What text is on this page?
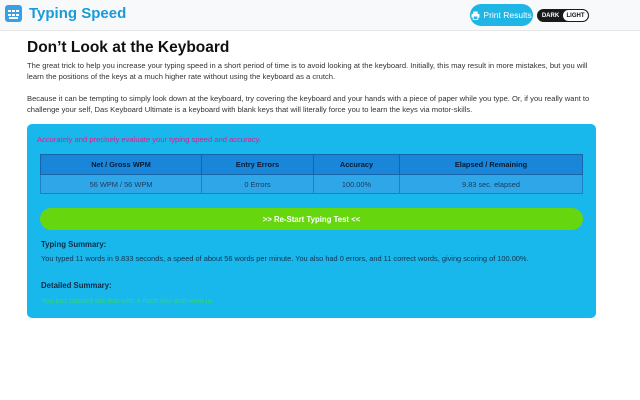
Typing Speed	Print Results	DARK	LIGHT
Don’t Look at the Keyboard

The great trick to help you increase your typing speed in a short period of time is to avoid looking at the keyboard. Initially, this may result in more mistakes, but you will learn the positions of the keys at a much higher rate without using the keyboard as a crutch.

Because it can be tempting to simply look down at the keyboard, try covering the keyboard and your hands with a piece of paper while you type. Or, if you really want to challenge your self, Das Keyboard Ultimate is a keyboard with blank keys that will literally force you to learn the keys via motor-skills.

Accurately and precisely evaluate your typing speed and accuracy.
Net / Gross WPM	Entry Errors	Accuracy	Elapsed / Remaining
56 WPM / 56 WPM	0 Errors	100.00%	9.83 sec. elapsed
>> Re-Start Typing Test <<
Typing Summary:
You typed 11 words in 9.833 seconds, a speed of about 56 words per minute. You also had 0 errors, and 11 correct words, giving scoring of 100.00%.
Detailed Summary:
You just passed the test with a flash key and went in.
